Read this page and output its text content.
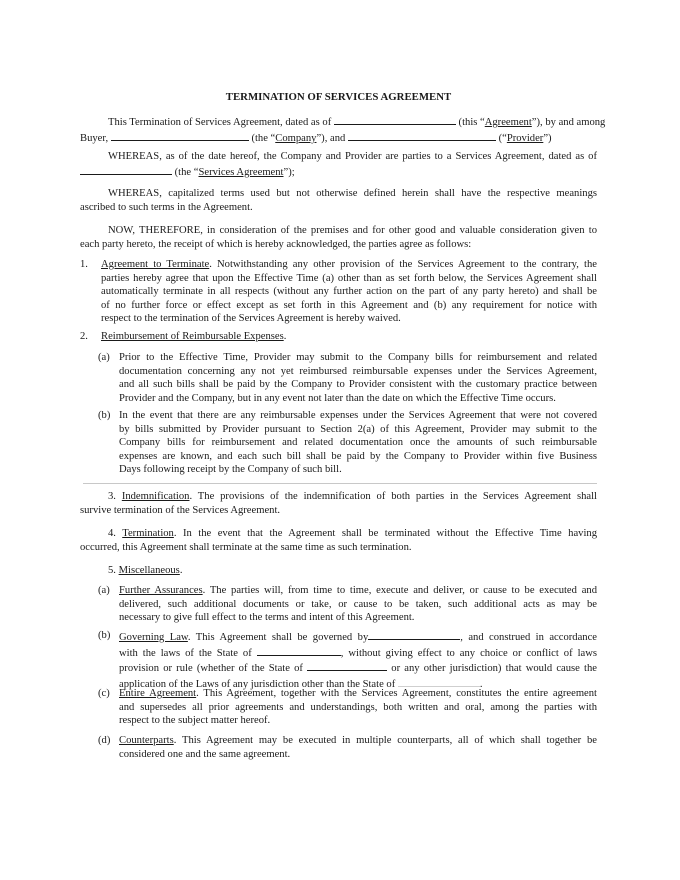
TERMINATION OF SERVICES AGREEMENT
This Termination of Services Agreement, dated as of	(this “Agreement”), by and among
Buyer,	(the “Company”), and	(“Provider”)
WHEREAS, as of the date hereof, the Company and Provider are parties to a Services Agreement, dated as of
(the “Services Agreement”);
WHEREAS, capitalized terms used but not otherwise defined herein shall have the respective meanings
ascribed to such terms in the Agreement.
NOW, THEREFORE, in consideration of the premises and for other good and valuable consideration given to
each party hereto, the receipt of which is hereby acknowledged, the parties agree as follows:
1. Agreement to Terminate. Notwithstanding any other provision of the Services Agreement to the contrary, the
parties hereby agree that upon the Effective Time (a) other than as set forth below, the Services Agreement shall
automatically terminate in all respects (without any further action on the part of any party hereto) and shall be
of no further force or effect except as set forth in this Agreement and (b) any requirement for notice with
respect to the termination of the Services Agreement is hereby waived.
2. Reimbursement of Reimbursable Expenses.
(a) Prior to the Effective Time, Provider may submit to the Company bills for reimbursement and related
documentation concerning any not yet reimbursed reimbursable expenses under the Services Agreement,
and all such bills shall be paid by the Company to Provider consistent with the customary practice between
Provider and the Company, but in any event not later than the date on which the Effective Time occurs.
(b) In the event that there are any reimbursable expenses under the Services Agreement that were not covered
by bills submitted by Provider pursuant to Section 2(a) of this Agreement, Provider may submit to the
Company bills for reimbursement and related documentation once the amounts of such reimbursable
expenses are known, and each such bill shall be paid by the Company to Provider within five Business
Days following receipt by the Company of such bill.
3. Indemnification. The provisions of the indemnification of both parties in the Services Agreement shall
survive termination of the Services Agreement.
4. Termination. In the event that the Agreement shall be terminated without the Effective Time having
occurred, this Agreement shall terminate at the same time as such termination.
5. Miscellaneous.
(a) Further Assurances. The parties will, from time to time, execute and deliver, or cause to be executed and
delivered, such additional documents or take, or cause to be taken, such additional acts as may be
necessary to give full effect to the terms and intent of this Agreement.
(b) Governing Law. This Agreement shall be governed by	, and construed in accordance
with the laws of the State of	, without giving effect to any choice or conflict of laws
provision or rule (whether of the State of	or any other jurisdiction) that would cause the
application of the Laws of any jurisdiction other than the State of	.
(c) Entire Agreement. This Agreement, together with the Services Agreement, constitutes the entire agreement
and supersedes all prior agreements and understandings, both written and oral, among the parties with
respect to the subject matter hereof.
(d) Counterparts. This Agreement may be executed in multiple counterparts, all of which shall together be
considered one and the same agreement.
